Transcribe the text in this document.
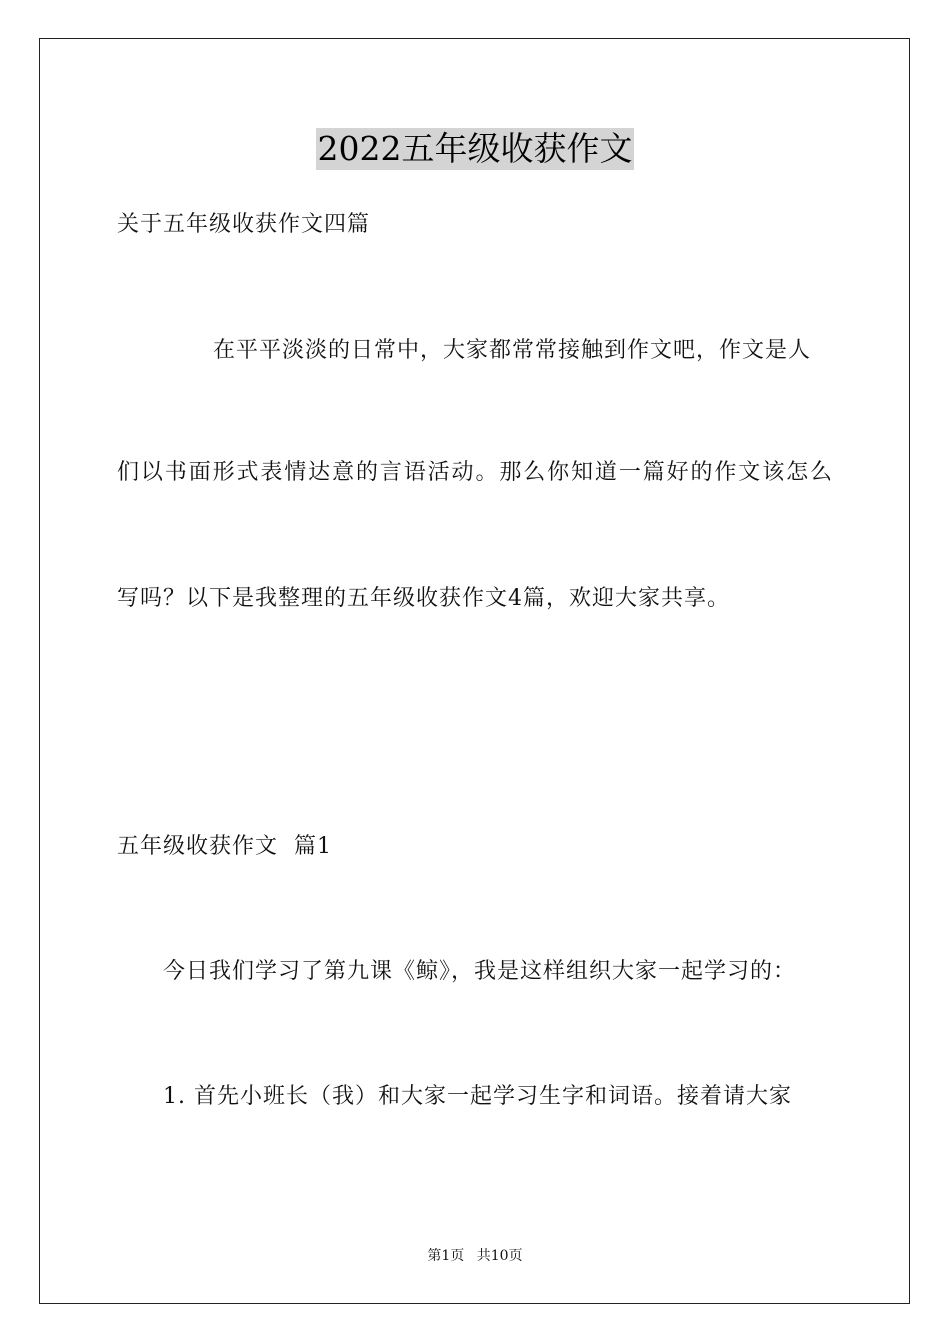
2022五年级收获作文
关于五年级收获作文四篇
在平平淡淡的日常中，大家都常常接触到作文吧，作文是人
们以书面形式表情达意的言语活动。那么你知道一篇好的作文该怎么
写吗？以下是我整理的五年级收获作文4篇，欢迎大家共享。
五年级收获作文  篇1
今日我们学习了第九课《鲸》，我是这样组织大家一起学习的：
1. 首先小班长（我）和大家一起学习生字和词语。接着请大家
第1页 共10页
